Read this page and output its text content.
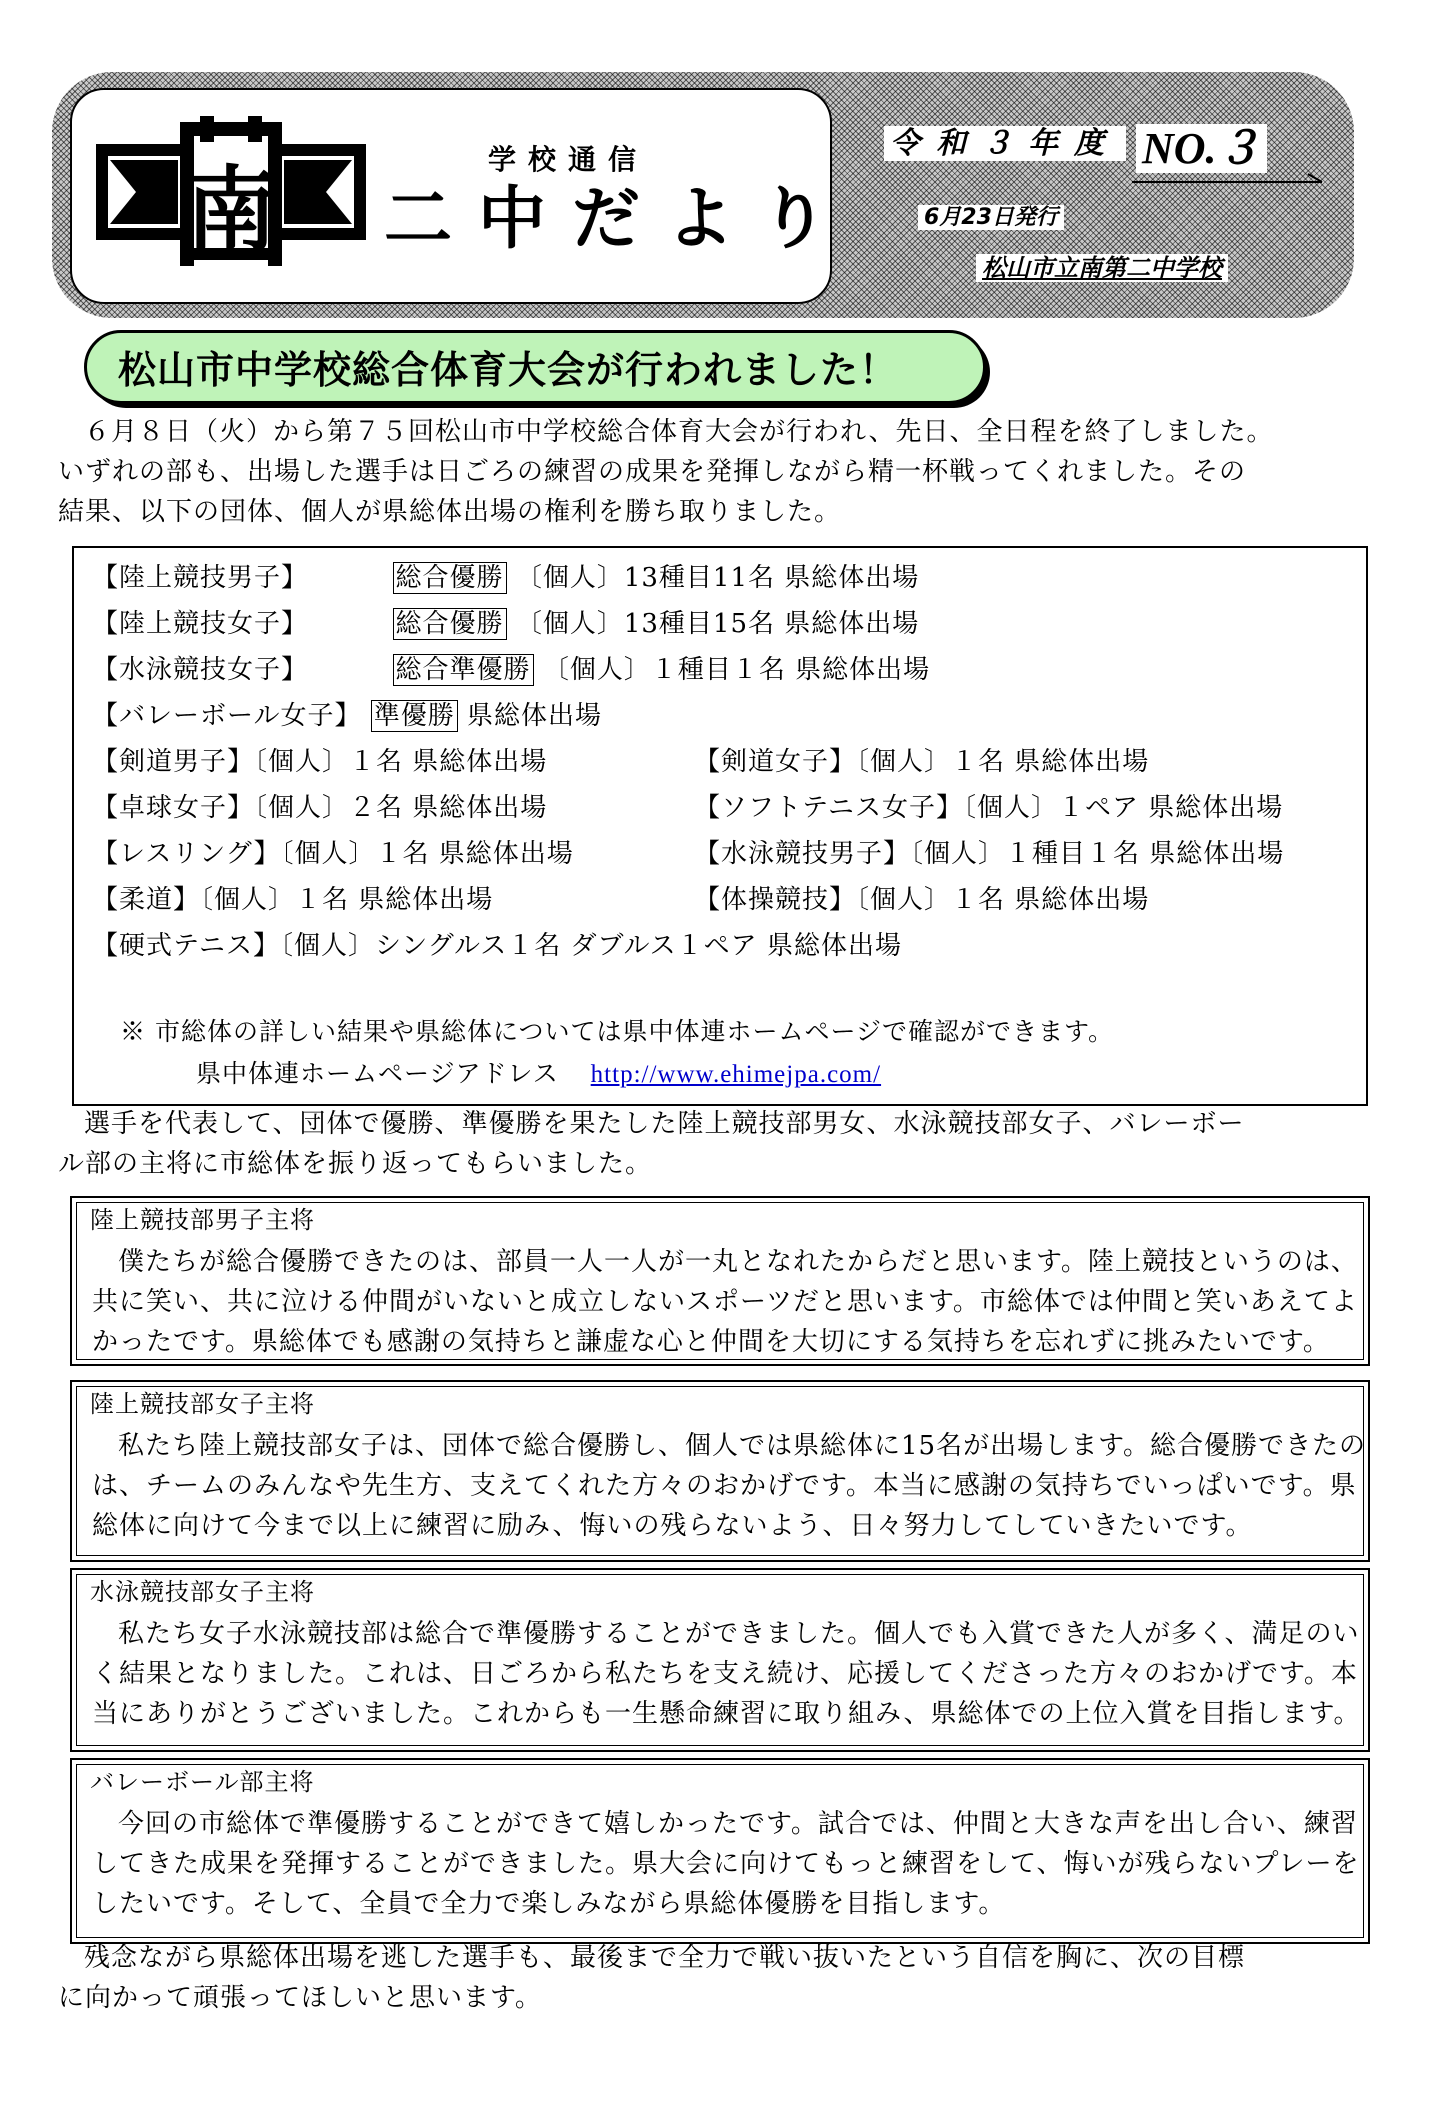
南	学校通信
二中だより
令和３年度 NO.３
6月23日発行
松山市立南第二中学校
松山市中学校総合体育大会が行われました！
６月８日（火）から第７５回松山市中学校総合体育大会が行われ、先日、全日程を終了しました。
いずれの部も、出場した選手は日ごろの練習の成果を発揮しながら精一杯戦ってくれました。その
結果、以下の団体、個人が県総体出場の権利を勝ち取りました。
【陸上競技男子】	総合優勝 〔個人〕13種目11名 県総体出場
【陸上競技女子】	総合優勝 〔個人〕13種目15名 県総体出場
【水泳競技女子】	総合準優勝 〔個人〕１種目１名 県総体出場
【バレーボール女子】 準優勝 県総体出場
【剣道男子】〔個人〕１名 県総体出場	【剣道女子】〔個人〕１名 県総体出場
【卓球女子】〔個人〕２名 県総体出場	【ソフトテニス女子】〔個人〕１ペア 県総体出場
【レスリング】〔個人〕１名 県総体出場	【水泳競技男子】〔個人〕１種目１名 県総体出場
【柔道】〔個人〕１名 県総体出場	【体操競技】〔個人〕１名 県総体出場
【硬式テニス】〔個人〕シングルス１名 ダブルス１ペア 県総体出場
※ 市総体の詳しい結果や県総体については県中体連ホームページで確認ができます。
県中体連ホームページアドレス http://www.ehimejpa.com/
選手を代表して、団体で優勝、準優勝を果たした陸上競技部男女、水泳競技部女子、バレーボー
ル部の主将に市総体を振り返ってもらいました。
陸上競技部男子主将
僕たちが総合優勝できたのは、部員一人一人が一丸となれたからだと思います。陸上競技というのは、
共に笑い、共に泣ける仲間がいないと成立しないスポーツだと思います。市総体では仲間と笑いあえてよ
かったです。県総体でも感謝の気持ちと謙虚な心と仲間を大切にする気持ちを忘れずに挑みたいです。
陸上競技部女子主将
私たち陸上競技部女子は、団体で総合優勝し、個人では県総体に15名が出場します。総合優勝できたの
は、チームのみんなや先生方、支えてくれた方々のおかげです。本当に感謝の気持ちでいっぱいです。県
総体に向けて今まで以上に練習に励み、悔いの残らないよう、日々努力してしていきたいです。
水泳競技部女子主将
私たち女子水泳競技部は総合で準優勝することができました。個人でも入賞できた人が多く、満足のい
く結果となりました。これは、日ごろから私たちを支え続け、応援してくださった方々のおかげです。本
当にありがとうございました。これからも一生懸命練習に取り組み、県総体での上位入賞を目指します。
バレーボール部主将
今回の市総体で準優勝することができて嬉しかったです。試合では、仲間と大きな声を出し合い、練習
してきた成果を発揮することができました。県大会に向けてもっと練習をして、悔いが残らないプレーを
したいです。そして、全員で全力で楽しみながら県総体優勝を目指します。
残念ながら県総体出場を逃した選手も、最後まで全力で戦い抜いたという自信を胸に、次の目標
に向かって頑張ってほしいと思います。
